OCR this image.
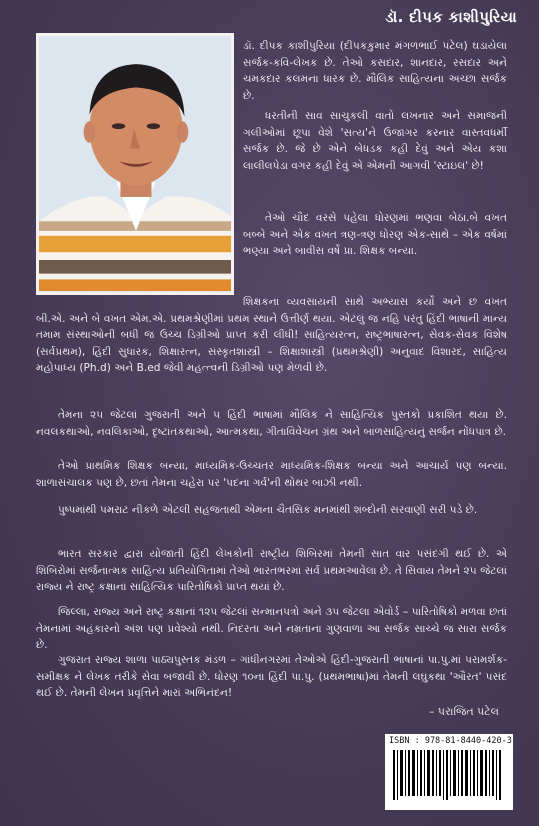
ડૉ. દીપક કાશીપુરિયા

ડૉ. દીપક કાશીપુરિયા (દીપકકુમાર મંગળભાઈ પટેલ) ઘડાયેલા સર્જક-કવિ-લેખક છે. તેઓ કસદાર, શાનદાર, રસદાર અને ચમકદાર કલમના ધારક છે. મૌલિક સાહિત્યના અચ્છા સર્જક છે.

ધરતીની સાવ સાચુકલી વાતો લખનાર અને સમાજની ગલીઓમાં છૂપા વેશે 'સત્ય'ને ઉજાગર કરનાર વાસ્તવધર્મી સર્જક છે. જે છે એને બેધડક કહી દેવું અને એય કશા લાલીલપેડા વગર કહી દેવું એ એમની આગવી 'સ્ટાઇલ' છે!

તેઓ ચૌદ વરસે પહેલા ધોરણમાં ભણવા બેઠા.બે વખત બબ્બે અને એક વખત ત્રણ-ત્રણ ધોરણ એક-સાથે – એક વર્ષમાં ભણ્યા અને બાવીસ વર્ષે પ્રા. શિક્ષક બન્યા.

શિક્ષકના વ્યવસાયની સાથે અભ્યાસ કર્યો અને છ વખત બી.એ. અને બે વખત એમ.એ. પ્રથમશ્રેણીમાં પ્રથમ સ્થાને ઉત્તીર્ણ થયા. એટલું જ નહિ પરંતુ હિંદી ભાષાની માન્ય તમામ સંસ્થાઓની બધી જ ઉચ્ચ ડિગ્રીઓ પ્રાપ્ત કરી લીધી! સાહિત્યરત્ન, રાષ્ટ્રભાષારત્ન, સેવક-સેવક વિશેષ (સર્વપ્રથમ), હિંદી સુધારક, શિક્ષારત્ન, સંસ્કૃતશાસ્ત્રી – શિક્ષાશાસ્ત્રી (પ્રથમશ્રેણી) અનુવાદ વિશારદ, સાહિત્ય મહોપાધ્ય (Ph.d) અને B.ed જેવી મહત્ત્વની ડિગ્રીઓ પણ મેળવી છે.

તેમના ૨૫ જેટલાં ગુજરાતી અને ૫ હિંદી ભાષામાં મૌલિક ને સાહિત્યિક પુસ્તકો પ્રકાશિત થયા છે. નવલકથાઓ, નવલિકાઓ, દૃષ્ટાંતકથાઓ, આત્મકથા, ગીતાવિવેચન ગ્રંથ અને બાળસાહિત્યનું સર્જન નોંધપાત્ર છે.

તેઓ પ્રાથમિક શિક્ષક બન્યા, માધ્યમિક-ઉચ્ચતર માધ્યમિક-શિક્ષક બન્યા અને આચાર્ય પણ બન્યા. શાળાસંચાલક પણ છે, છતાં તેમના ચહેરા પર 'પદના ગર્વ'ની થોથર બાઝી નથી.

પુષ્પમાંથી પમરાટ નીકળે એટલી સહજતાથી એમના ચૈતસિક મનમાંથી શબ્દોની સરવાણી સરી પડે છે.

ભારત સરકાર દ્વારા યોજાતી હિંદી લેખકોની રાષ્ટ્રીય શિબિરમાં તેમની સાત વાર પસંદગી થઈ છે. એ શિબિરોમાં સર્જનાત્મક સાહિત્ય પ્રતિયોગિતામાં તેઓ ભારતભરમાં સર્વ પ્રથમઆવેલા છે. તે સિવાય તેમને ૨૫ જેટલાં રાજ્ય ને રાષ્ટ્ર કક્ષાનાં સાહિત્યિક પારિતોષિકો પ્રાપ્ત થયાં છે.

જિલ્લા, રાજ્ય અને રાષ્ટ્ર કક્ષાનાં ૧૨૫ જેટલાં સન્માનપત્રો અને ૩૫ જેટલા એવોર્ડ – પારિતોષિકો મળવા છતાં તેમનામાં અહંકારનો અંશ પણ પ્રવેશ્યો નથી. નિદરતા અને નમ્રતાના ગુણવાળા આ સર્જક સાચ્ચે જ સારા સર્જક છે.

ગુજરાત રાજ્ય શાળા પાઠ્યપુસ્તક મંડળ – ગાંધીનગરમાં તેઓએ હિંદી-ગુજરાતી ભાષાનાં પા.પુ.માં પરામર્શક-સમીક્ષક ને લેખક તરીકે સેવા બજાવી છે. ધોરણ ૧૦ના હિંદી પા.પુ. (પ્રથમભાષા)માં તેમની લઘુકથા 'ઔરત' પસંદ થઈ છે. તેમની લેખન પ્રવૃત્તિને મારાં અભિનંદન!

– પરાજિત પટેલ
ISBN : 978-81-8440-420-3
